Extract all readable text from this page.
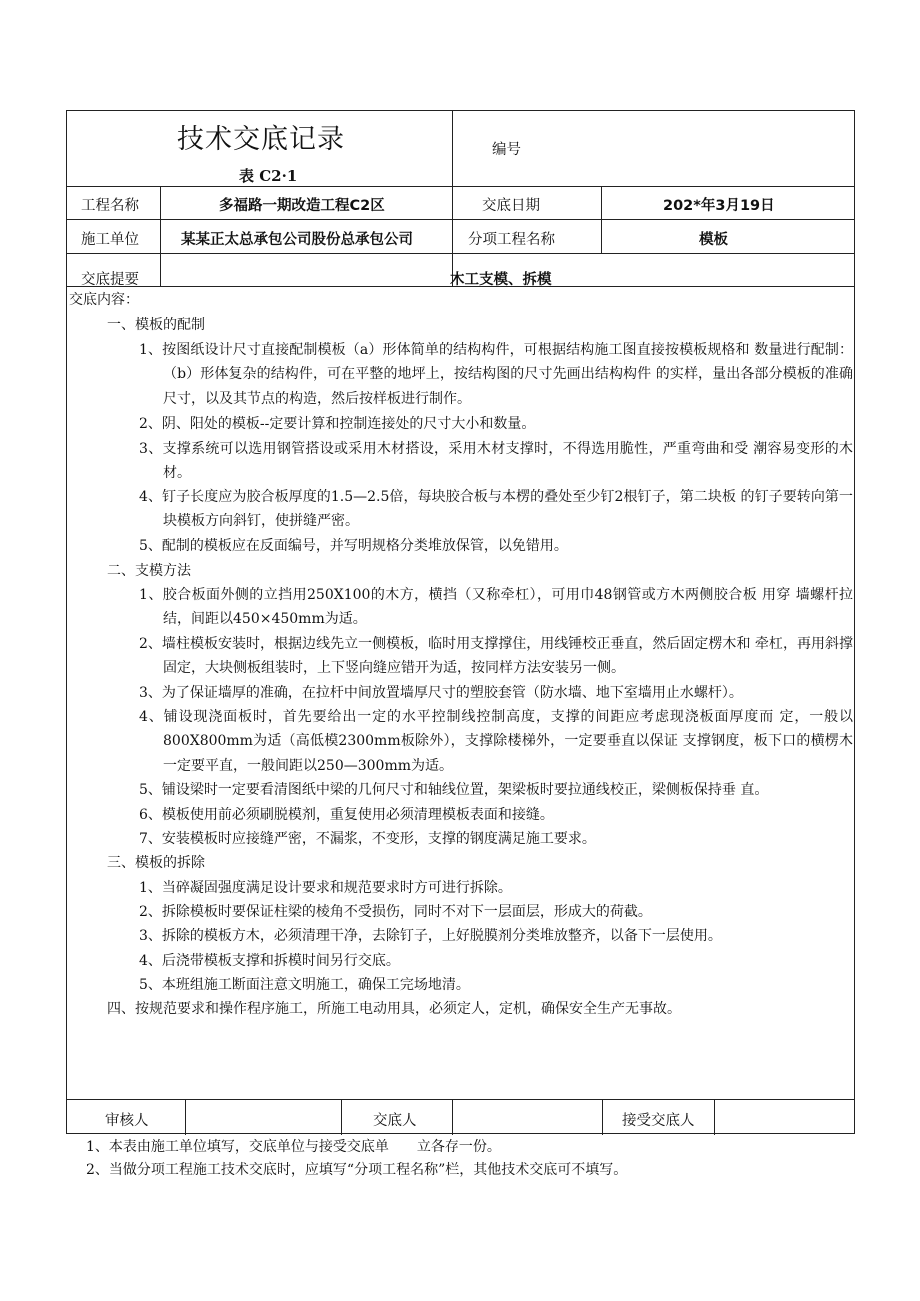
技术交底记录
表 C2·1
编号
工程名称	多福路一期改造工程C2区	交底日期	202*年3月19日
施工单位	某某正太总承包公司股份总承包公司	分项工程名称	模板
交底提要	木工支模、拆模
交底内容：
一、模板的配制
1、按图纸设计尺寸直接配制模板（a）形体简单的结构构件，可根据结构施工图直接按模板规格和 数量进行配制：（b）形体复杂的结构件，可在平整的地坪上，按结构图的尺寸先画出结构构件 的实样，量出各部分模板的准确尺寸，以及其节点的构造，然后按样板进行制作。
2、阴、阳处的模板--定要计算和控制连接处的尺寸大小和数量。
3、支撑系统可以选用钢管搭设或采用木材搭设，采用木材支撑时，不得选用脆性，严重弯曲和受 潮容易变形的木材。
4、钉子长度应为胶合板厚度的1.5—2.5倍，每块胶合板与本楞的叠处至少钉2根钉子，第二块板 的钉子要转向第一块模板方向斜钉，使拼缝严密。
5、配制的模板应在反面编号，并写明规格分类堆放保管，以免错用。
二、支模方法
1、胶合板面外侧的立挡用250X100的木方，横挡（又称牵杠），可用巾48钢管或方木两侧胶合板 用穿 墙螺杆拉结，间距以450×450mm为适。
2、墙柱模板安装时，根据边线先立一侧模板，临时用支撑撑住，用线锤校正垂直，然后固定楞木和 牵杠，再用斜撑固定，大块侧板组装时，上下竖向缝应错开为适，按同样方法安装另一侧。
3、为了保证墙厚的准确，在拉杆中间放置墙厚尺寸的塑胶套管（防水墙、地下室墙用止水螺杆）。
4、铺设现浇面板时，首先要给出一定的水平控制线控制高度，支撑的间距应考虑现浇板面厚度而 定，一般以800X800mm为适（高低模2300mm板除外），支撑除楼梯外，一定要垂直以保证 支撑钢度，板下口的横楞木一定要平直，一般间距以250—300mm为适。
5、铺设梁时一定要看清图纸中梁的几何尺寸和轴线位置，架梁板时要拉通线校正，梁侧板保持垂 直。
6、模板使用前必须刷脱模剂，重复使用必须清理模板表面和接缝。
7、安装模板时应接缝严密，不漏浆，不变形，支撑的钢度满足施工要求。
三、模板的拆除
1、当碎凝固强度满足设计要求和规范要求时方可进行拆除。
2、拆除模板时要保证柱梁的棱角不受损伤，同时不对下一层面层，形成大的荷截。
3、拆除的模板方木，必须清理干净，去除钉子，上好脱膜剂分类堆放整齐，以备下一层使用。
4、后浇带模板支撑和拆模时间另行交底。
5、本班组施工断面注意文明施工，确保工完场地清。
四、按规范要求和操作程序施工，所施工电动用具，必须定人，定机，确保安全生产无事故。
审核人	交底人	接受交底人
1、本表由施工单位填写，交底单位与接受交底单　　立各存一份。
2、当做分项工程施工技术交底时，应填写“分项工程名称”栏，其他技术交底可不填写。
